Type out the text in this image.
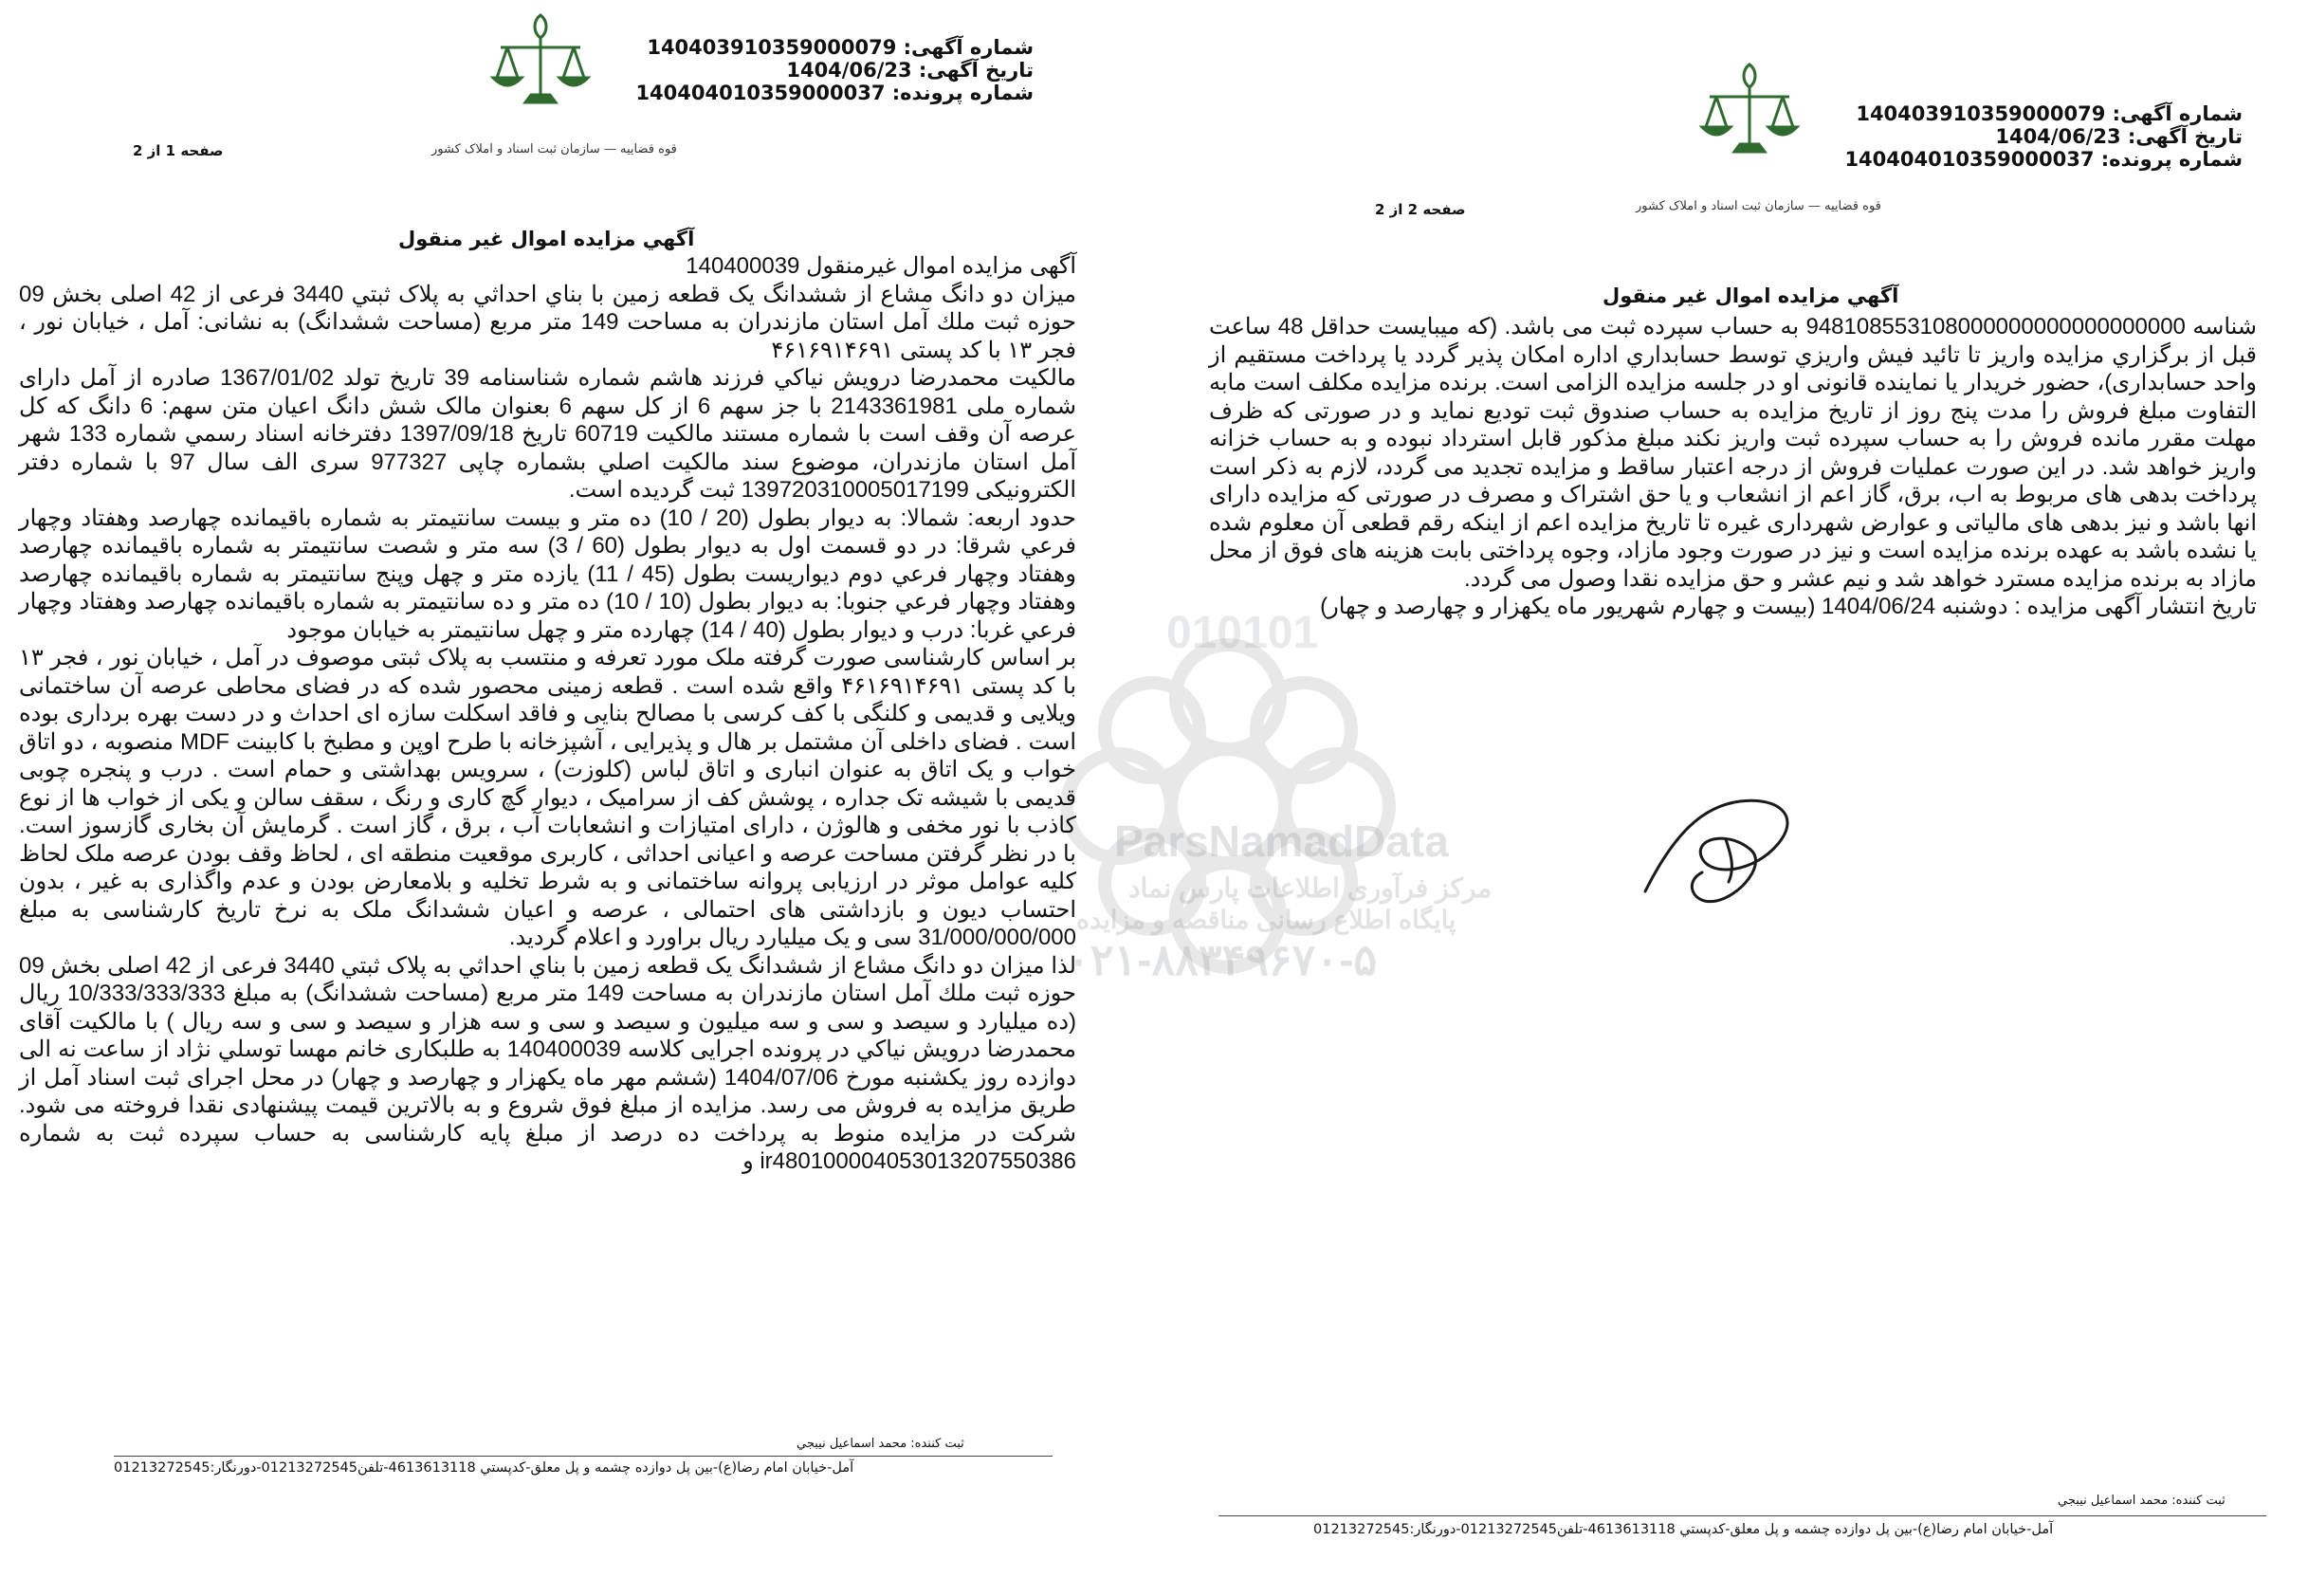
010101
ParsNamadData
مرکز فرآوری اطلاعات پارس نماد
پایگاه اطلاع رسانی مناقصه و مزایده
۰۲۱-۸۸۳۴۹۶۷۰-۵
قوه قضاییه — سازمان ثبت اسناد و املاک کشور
شماره آگهی: 140403910359000079
تاريخ آگهی: 1404/06/23
شماره پرونده: 140404010359000037
صفحه 1 از 2
آگهي مزايده اموال غير منقول

آگهی مزایده اموال غیرمنقول 140400039

ميزان دو دانگ مشاع از ششدانگ يک قطعه زمين با بناي احداثي به پلاک ثبتي 3440 فرعی از 42 اصلی بخش 09 حوزه ثبت ملك آمل استان مازندران به مساحت 149 متر مربع (مساحت ششدانگ) به نشانی: آمل ، خيابان نور ، فجر ۱۳ با کد پستی ۴۶۱۶۹۱۴۶۹۱

مالکيت محمدرضا درويش نياکي فرزند هاشم شماره شناسنامه 39 تاريخ تولد 1367/01/02 صادره از آمل دارای شماره ملی 2143361981 با جز سهم 6 از کل سهم 6 بعنوان مالک شش دانگ اعيان متن سهم: 6 دانگ که کل عرصه آن وقف است با شماره مستند مالکيت 60719 تاريخ 1397/09/18 دفترخانه اسناد رسمي شماره 133 شهر آمل استان مازندران، موضوع سند مالکيت اصلي بشماره چاپی 977327 سری الف سال 97 با شماره دفتر الکترونیکی 139720310005017199 ثبت گرديده است.

حدود اربعه: شمالا: به ديوار بطول (20 / 10) ده متر و بيست سانتيمتر به شماره باقيمانده چهارصد وهفتاد وچهار فرعي شرقا: در دو قسمت اول به ديوار بطول (60 / 3) سه متر و شصت سانتيمتر به شماره باقيمانده چهارصد وهفتاد وچهار فرعي دوم ديواريست بطول (45 / 11) يازده متر و چهل وپنج سانتيمتر به شماره باقيمانده چهارصد وهفتاد وچهار فرعي جنوبا: به ديوار بطول (10 / 10) ده متر و ده سانتيمتر به شماره باقيمانده چهارصد وهفتاد وچهار فرعي غربا: درب و ديوار بطول (40 / 14) چهارده متر و چهل سانتيمتر به خيابان موجود

بر اساس کارشناسی صورت گرفته ملک مورد تعرفه و منتسب به پلاک ثبتی موصوف در آمل ، خیابان نور ، فجر ۱۳ با کد پستی ۴۶۱۶۹۱۴۶۹۱ واقع شده است . قطعه زمینی محصور شده که در فضای محاطی عرصه آن ساختمانی ویلایی و قدیمی و کلنگی با کف کرسی با مصالح بنایی و فاقد اسکلت سازه ای احداث و در دست بهره برداری بوده است . فضای داخلی آن مشتمل بر هال و پذیرایی ، آشپزخانه با طرح اوپن و مطبخ با کابینت MDF منصوبه ، دو اتاق خواب و یک اتاق به عنوان انباری و اتاق لباس (کلوزت) ، سرویس بهداشتی و حمام است . درب و پنجره چوبی قدیمی با شیشه تک جداره ، پوشش کف از سرامیک ، دیوار گچ کاری و رنگ ، سقف سالن و یکی از خواب ها از نوع کاذب با نور مخفی و هالوژن ، دارای امتیازات و انشعابات آب ، برق ، گاز است . گرمایش آن بخاری گازسوز است. با در نظر گرفتن مساحت عرصه و اعیانی احداثی ، کاربری موقعیت منطقه ای ، لحاظ وقف بودن عرصه ملک لحاظ کلیه عوامل موثر در ارزیابی پروانه ساختمانی و به شرط تخلیه و بلامعارض بودن و عدم واگذاری به غیر ، بدون احتساب دیون و بازداشتی های احتمالی ، عرصه و اعیان ششدانگ ملک به نرخ تاریخ کارشناسی به مبلغ 31/000/000/000 سی و یک میلیارد ریال براورد و اعلام گردید.

لذا ميزان دو دانگ مشاع از ششدانگ يک قطعه زمين با بناي احداثي به پلاک ثبتي 3440 فرعی از 42 اصلی بخش 09 حوزه ثبت ملك آمل استان مازندران به مساحت 149 متر مربع (مساحت ششدانگ) به مبلغ 10/333/333/333 ريال (ده میلیارد و سیصد و سی و سه میلیون و سیصد و سی و سه هزار و سیصد و سی و سه ریال ) با مالکيت آقای محمدرضا درويش نياکي در پرونده اجرايی کلاسه 140400039 به طلبکاری خانم مهسا توسلي نژاد از ساعت نه الی دوازده روز يکشنبه مورخ 1404/07/06 (ششم مهر ماه یکهزار و چهارصد و چهار) در محل اجرای ثبت اسناد آمل از طريق مزايده به فروش می رسد. مزایده از مبلغ فوق شروع و به بالاترين قيمت پيشنهادی نقدا فروخته می شود. شرکت در مزايده منوط به پرداخت ده درصد از مبلغ پايه کارشناسی به حساب سپرده ثبت به شماره ir480100004053013207550386 و

ثبت کننده: محمد اسماعيل نيبجي
آمل-خيابان امام رضا(ع)-بين پل دوازده چشمه و پل معلق-كدپستي 4613613118-تلفن01213272545-دورنگار:01213272545
قوه قضاییه — سازمان ثبت اسناد و املاک کشور
شماره آگهی: 140403910359000079
تاريخ آگهی: 1404/06/23
شماره پرونده: 140404010359000037
صفحه 2 از 2
آگهي مزايده اموال غير منقول

شناسه 948108553108000000000000000000 به حساب سپرده ثبت می باشد. (که میبایست حداقل 48 ساعت قبل از برگزاري مزايده واريز تا تائيد فيش واريزي توسط حسابداري اداره امکان پذير گردد يا پرداخت مستقيم از واحد حسابداری)، حضور خريدار يا نماينده قانونی او در جلسه مزايده الزامی است. برنده مزايده مکلف است مابه التفاوت مبلغ فروش را مدت پنج روز از تاريخ مزايده به حساب صندوق ثبت توديع نمايد و در صورتی که ظرف مهلت مقرر مانده فروش را به حساب سپرده ثبت واريز نکند مبلغ مذکور قابل استرداد نبوده و به حساب خزانه واريز خواهد شد. در اين صورت عمليات فروش از درجه اعتبار ساقط و مزايده تجديد می گردد، لازم به ذکر است پرداخت بدهی های مربوط به اب، برق، گاز اعم از انشعاب و يا حق اشتراک و مصرف در صورتی که مزايده دارای انها باشد و نيز بدهی های مالياتی و عوارض شهرداری غيره تا تاريخ مزايده اعم از اينکه رقم قطعی آن معلوم شده يا نشده باشد به عهده برنده مزايده است و نيز در صورت وجود مازاد، وجوه پرداختی بابت هزينه های فوق از محل مازاد به برنده مزايده مسترد خواهد شد و نيم عشر و حق مزايده نقدا وصول می گردد.

تاريخ انتشار آگهی مزايده : دوشنبه 1404/06/24 (بيست و چهارم شهريور ماه يکهزار و چهارصد و چهار)

ثبت کننده: محمد اسماعيل نيبجي
آمل-خيابان امام رضا(ع)-بين پل دوازده چشمه و پل معلق-كدپستي 4613613118-تلفن01213272545-دورنگار:01213272545
